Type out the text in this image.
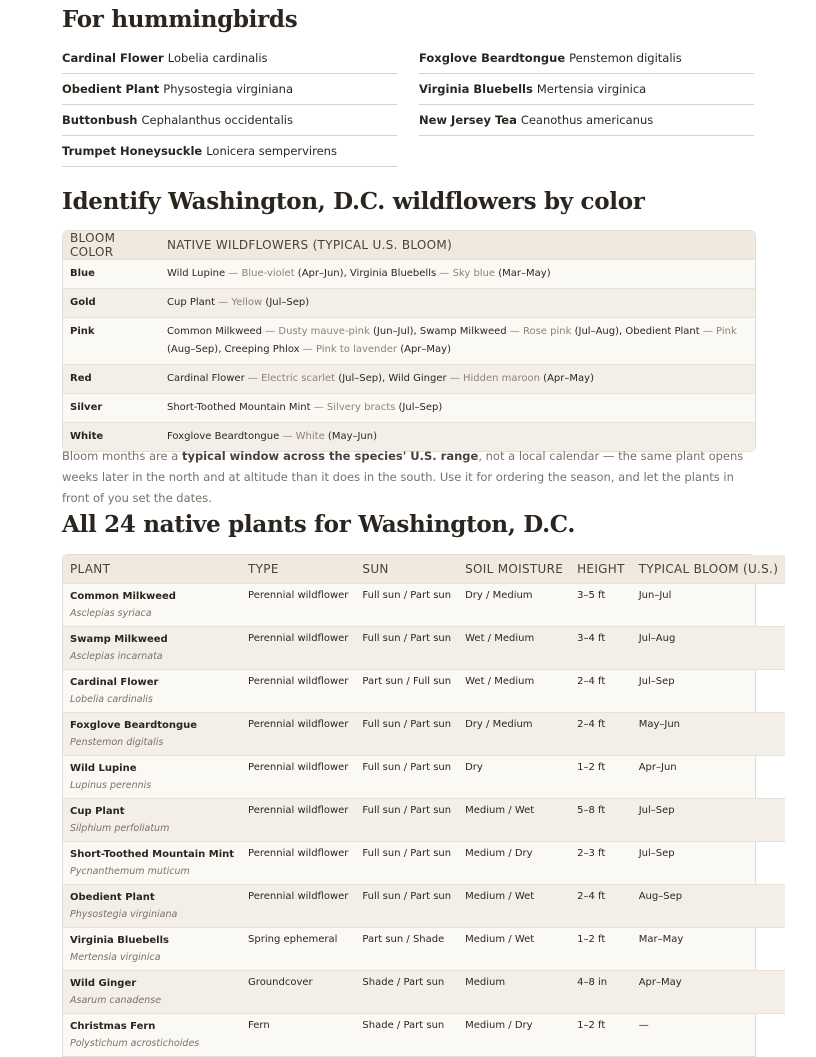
For hummingbirds
Cardinal Flower Lobelia cardinalis
Obedient Plant Physostegia virginiana
Buttonbush Cephalanthus occidentalis
Trumpet Honeysuckle Lonicera sempervirens
Foxglove Beardtongue Penstemon digitalis
Virginia Bluebells Mertensia virginica
New Jersey Tea Ceanothus americanus
Identify Washington, D.C. wildflowers by color
BLOOM COLOR	NATIVE WILDFLOWERS (TYPICAL U.S. BLOOM)
Blue	Wild Lupine — Blue-violet (Apr–Jun), Virginia Bluebells — Sky blue (Mar–May)
Gold	Cup Plant — Yellow (Jul–Sep)
Pink	Common Milkweed — Dusty mauve-pink (Jun–Jul), Swamp Milkweed — Rose pink (Jul–Aug), Obedient Plant — Pink (Aug–Sep), Creeping Phlox — Pink to lavender (Apr–May)
Red	Cardinal Flower — Electric scarlet (Jul–Sep), Wild Ginger — Hidden maroon (Apr–May)
Silver	Short-Toothed Mountain Mint — Silvery bracts (Jul–Sep)
White	Foxglove Beardtongue — White (May–Jun)

Bloom months are a typical window across the species' U.S. range, not a local calendar — the same plant opens weeks later in the north and at altitude than it does in the south. Use it for ordering the season, and let the plants in front of you set the dates.

All 24 native plants for Washington, D.C.
PLANT	TYPE	SUN	SOIL MOISTURE	HEIGHT	TYPICAL BLOOM (U.S.)

Common Milkweed
Asclepias syriaca	Perennial wildflower	Full sun / Part sun	Dry / Medium	3–5 ft	Jun–Jul

Swamp Milkweed
Asclepias incarnata	Perennial wildflower	Full sun / Part sun	Wet / Medium	3–4 ft	Jul–Aug

Cardinal Flower
Lobelia cardinalis	Perennial wildflower	Part sun / Full sun	Wet / Medium	2–4 ft	Jul–Sep

Foxglove Beardtongue
Penstemon digitalis	Perennial wildflower	Full sun / Part sun	Dry / Medium	2–4 ft	May–Jun

Wild Lupine
Lupinus perennis	Perennial wildflower	Full sun / Part sun	Dry	1–2 ft	Apr–Jun

Cup Plant
Silphium perfoliatum	Perennial wildflower	Full sun / Part sun	Medium / Wet	5–8 ft	Jul–Sep

Short-Toothed Mountain Mint
Pycnanthemum muticum	Perennial wildflower	Full sun / Part sun	Medium / Dry	2–3 ft	Jul–Sep

Obedient Plant
Physostegia virginiana	Perennial wildflower	Full sun / Part sun	Medium / Wet	2–4 ft	Aug–Sep

Virginia Bluebells
Mertensia virginica	Spring ephemeral	Part sun / Shade	Medium / Wet	1–2 ft	Mar–May

Wild Ginger
Asarum canadense	Groundcover	Shade / Part sun	Medium	4–8 in	Apr–May

Christmas Fern
Polystichum acrostichoides	Fern	Shade / Part sun	Medium / Dry	1–2 ft	—
